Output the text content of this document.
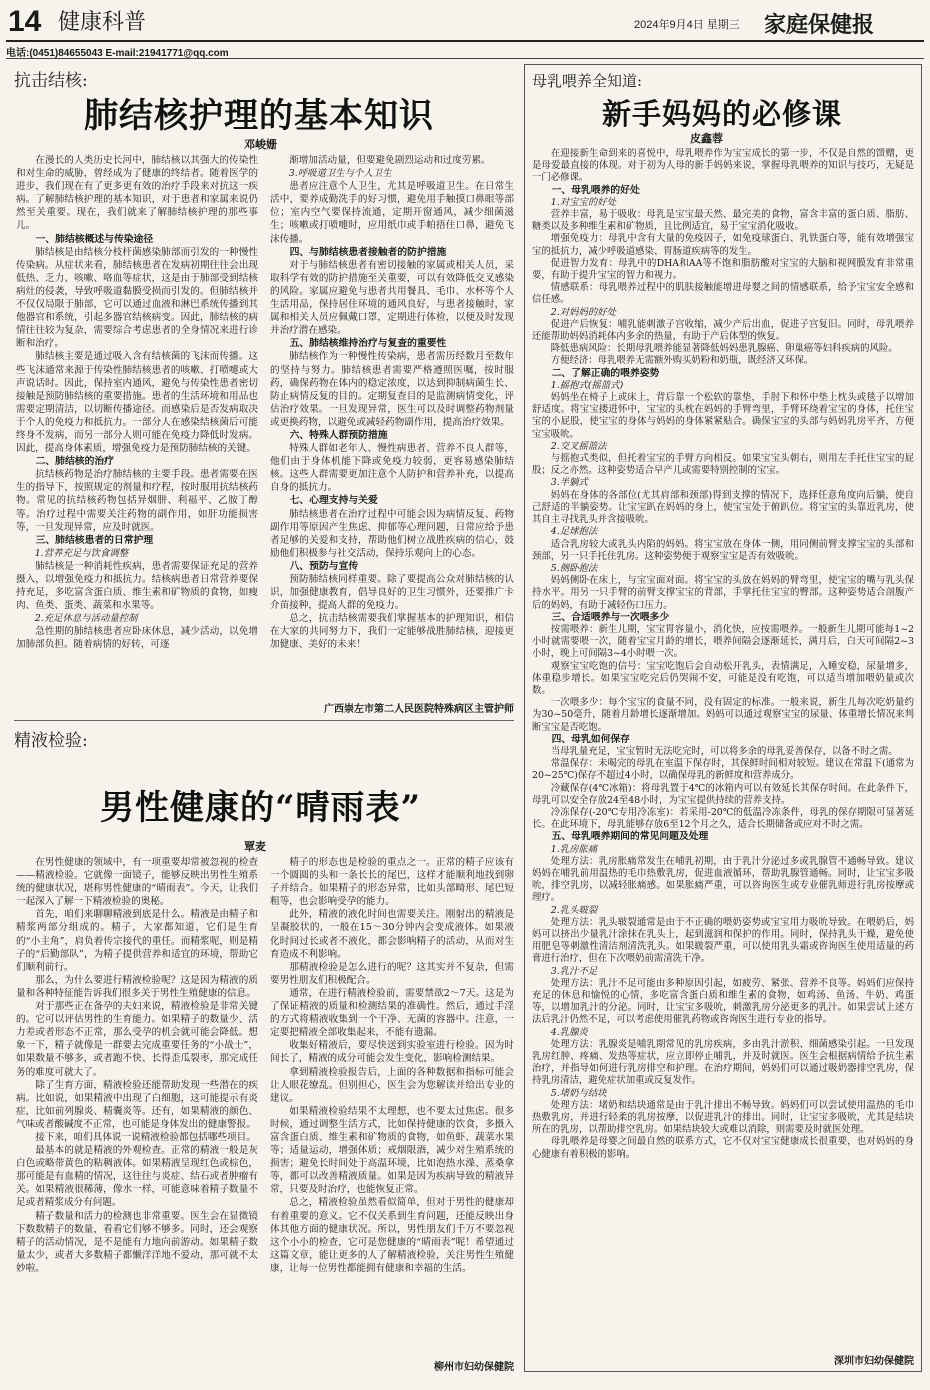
14 健康科普	2024年9月4日 星期三 家庭保健报
电话:(0451)84655043 E-mail:21941771@qq.com
抗击结核:
肺结核护理的基本知识
邓峻姗

在漫长的人类历史长河中，肺结核以其强大的传染性和对生命的威胁，曾经成为了健康的终结者。随着医学的进步，我们现在有了更多更有效的治疗手段来对抗这一疾病。了解肺结核护理的基本知识，对于患者和家属来说仍然至关重要。现在，我们就来了解肺结核护理的那些事儿。

一、肺结核概述与传染途径

肺结核是由结核分枝杆菌感染肺部而引发的一种慢性传染病。从症状来看，肺结核患者在发病初期往往会出现低热、乏力、咳嗽、咯血等症状，这是由于肺部受到结核病灶的侵袭，导致呼吸道黏膜受损而引发的。但肺结核并不仅仅局限于肺部，它可以通过血液和淋巴系统传播到其他器官和系统，引起多器官结核病变。因此，肺结核的病情往往较为复杂，需要综合考虑患者的全身情况来进行诊断和治疗。

肺结核主要是通过吸入含有结核菌的飞沫而传播。这些飞沫通常来源于传染性肺结核患者的咳嗽、打喷嚏或大声说话时。因此，保持室内通风，避免与传染性患者密切接触是预防肺结核的重要措施。患者的生活环境和用品也需要定期清洁，以切断传播途径。而感染后是否发病取决于个人的免疫力和抵抗力。一部分人在感染结核菌后可能终身不发病，而另一部分人则可能在免疫力降低时发病。因此，提高身体素质，增强免疫力是预防肺结核的关键。

二、肺结核的治疗

抗结核药物是治疗肺结核的主要手段。患者需要在医生的指导下，按照规定的剂量和疗程，按时服用抗结核药物。常见的抗结核药物包括异烟肼、利福平、乙胺丁醇等。治疗过程中需要关注药物的副作用，如肝功能损害等，一旦发现异常，应及时就医。

三、肺结核患者的日常护理
1.营养充足与饮食调整

肺结核是一种消耗性疾病，患者需要保证充足的营养摄入，以增强免疫力和抵抗力。结核病患者日常营养要保持充足，多吃富含蛋白质、维生素和矿物质的食物，如瘦肉、鱼类、蛋类、蔬菜和水果等。

2.充足休息与活动量控制

急性期的肺结核患者应卧床休息，减少活动，以免增加肺部负担。随着病情的好转，可逐

渐增加活动量，但要避免剧烈运动和过度劳累。

3.呼吸道卫生与个人卫生

患者应注意个人卫生，尤其是呼吸道卫生。在日常生活中，要养成勤洗手的好习惯，避免用手触摸口鼻眼等部位；室内空气要保持流通，定期开窗通风，减少细菌滋生；咳嗽或打喷嚏时，应用纸巾或手帕捂住口鼻，避免飞沫传播。

四、与肺结核患者接触者的防护措施

对于与肺结核患者有密切接触的家属或相关人员，采取科学有效的防护措施至关重要，可以有效降低交叉感染的风险。家属应避免与患者共用餐具、毛巾、水杯等个人生活用品，保持居住环境的通风良好，与患者接触时，家属和相关人员应佩戴口罩，定期进行体检，以便及时发现并治疗潜在感染。

五、肺结核维持治疗与复查的重要性

肺结核作为一种慢性传染病，患者需历经数月至数年的坚持与努力。肺结核患者需要严格遵照医嘱，按时服药，确保药物在体内的稳定浓度，以达到抑制病菌生长、防止病情反复的目的。定期复查目的是监测病情变化，评估治疗效果。一旦发现异常，医生可以及时调整药物剂量或更换药物，以避免或减轻药物副作用，提高治疗效果。

六、特殊人群预防措施

特殊人群如老年人、慢性病患者、营养不良人群等，他们由于身体机能下降或免疫力较弱，更容易感染肺结核。这些人群需要更加注意个人防护和营养补充，以提高自身的抵抗力。

七、心理支持与关爱

肺结核患者在治疗过程中可能会因为病情反复、药物副作用等原因产生焦虑、抑郁等心理问题，日常应给予患者足够的关爱和支持，帮助他们树立战胜疾病的信心，鼓励他们积极参与社交活动，保持乐观向上的心态。

八、预防与宣传

预防肺结核同样重要。除了要提高公众对肺结核的认识，加强健康教育，倡导良好的卫生习惯外，还要推广卡介苗接种，提高人群的免疫力。

总之，抗击结核需要我们掌握基本的护理知识，相信在大家的共同努力下，我们一定能够战胜肺结核，迎接更加健康、美好的未来！

广西崇左市第二人民医院特殊病区主管护师
精液检验:
男性健康的“晴雨表”
覃麦

在男性健康的领域中，有一项重要却常被忽视的检查——精液检验。它就像一面镜子，能够反映出男性生殖系统的健康状况，堪称男性健康的“晴雨表”。今天，让我们一起深入了解一下精液检验的奥秘。

首先，咱们来聊聊精液到底是什么。精液是由精子和精浆两部分组成的。精子，大家都知道，它们是生育的“小主角”，肩负着传宗接代的重任。而精浆呢，则是精子的“后勤部队”，为精子提供营养和适宜的环境，帮助它们顺利前行。

那么，为什么要进行精液检验呢？这是因为精液的质量和各种特征能告诉我们很多关于男性生殖健康的信息。

对于那些正在备孕的夫妇来说，精液检验是非常关键的。它可以评估男性的生育能力。如果精子的数量少、活力差或者形态不正常，那么受孕的机会就可能会降低。想象一下，精子就像是一群要去完成重要任务的“小战士”，如果数量不够多，或者跑不快、长得歪瓜裂枣，那完成任务的难度可就大了。

除了生育方面，精液检验还能帮助发现一些潜在的疾病。比如说，如果精液中出现了白细胞，这可能提示有炎症，比如前列腺炎、精囊炎等。还有，如果精液的颜色、气味或者酸碱度不正常，也可能是身体发出的健康警报。

接下来，咱们具体说一说精液检验都包括哪些项目。

最基本的就是精液的外观检查。正常的精液一般是灰白色或略带黄色的粘稠液体。如果精液呈现红色或棕色，那可能是有血精的情况，这往往与炎症、结石或者肿瘤有关。如果精液很稀薄，像水一样，可能意味着精子数量不足或者精浆成分有问题。

精子数量和活力的检测也非常重要。医生会在显微镜下数数精子的数量，看看它们够不够多。同时，还会观察精子的活动情况，是不是能有力地向前游动。如果精子数量太少，或者大多数精子都懒洋洋地不爱动，那可就不太妙啦。

精子的形态也是检验的重点之一。正常的精子应该有一个圆圆的头和一条长长的尾巴，这样才能顺利地找到卵子并结合。如果精子的形态异常，比如头部畸形、尾巴短粗等，也会影响受孕的能力。

此外，精液的液化时间也需要关注。刚射出的精液是呈凝胶状的，一般在15～30分钟内会变成液体。如果液化时间过长或者不液化，都会影响精子的活动，从而对生育造成不利影响。

那精液检验是怎么进行的呢？这其实并不复杂，但需要男性朋友们积极配合。

通常，在进行精液检验前，需要禁欲2～7天。这是为了保证精液的质量和检测结果的准确性。然后，通过手淫的方式将精液收集到一个干净、无菌的容器中。注意，一定要把精液全部收集起来，不能有遗漏。

收集好精液后，要尽快送到实验室进行检验。因为时间长了，精液的成分可能会发生变化，影响检测结果。

拿到精液检验报告后，上面的各种数据和指标可能会让人眼花缭乱。但别担心，医生会为您解读并给出专业的建议。

如果精液检验结果不太理想，也不要太过焦虑。很多时候，通过调整生活方式，比如保持健康的饮食，多摄入富含蛋白质、维生素和矿物质的食物，如鱼虾、蔬菜水果等；适量运动，增强体质；戒烟限酒，减少对生殖系统的损害；避免长时间处于高温环境，比如泡热水澡、蒸桑拿等，都可以改善精液质量。如果是因为疾病导致的精液异常，只要及时治疗，也能恢复正常。

总之，精液检验虽然看似简单，但对于男性的健康却有着重要的意义。它不仅关系到生育问题，还能反映出身体其他方面的健康状况。所以，男性朋友们千万不要忽视这个小小的检查，它可是您健康的“晴雨表”呢！希望通过这篇文章，能让更多的人了解精液检验，关注男性生殖健康，让每一位男性都能拥有健康和幸福的生活。

柳州市妇幼保健院
母乳喂养全知道:
新手妈妈的必修课
皮鑫蓉

在迎接新生命到来的喜悦中，母乳喂养作为宝宝成长的第一步，不仅是自然的馈赠，更是母爱最直接的体现。对于初为人母的新手妈妈来说，掌握母乳喂养的知识与技巧，无疑是一门必修课。

一、母乳喂养的好处
1.对宝宝的好处

营养丰富，易于吸收：母乳是宝宝最天然、最完美的食物，富含丰富的蛋白质、脂肪、糖类以及多种维生素和矿物质，且比例适宜，易于宝宝消化吸收。

增强免疫力：母乳中含有大量的免疫因子，如免疫球蛋白、乳铁蛋白等，能有效增强宝宝的抵抗力，减少呼吸道感染、胃肠道疾病等的发生。

促进智力发育：母乳中的DHA和AA等不饱和脂肪酸对宝宝的大脑和视网膜发育非常重要，有助于提升宝宝的智力和视力。

情感联系：母乳喂养过程中的肌肤接触能增进母婴之间的情感联系，给予宝宝安全感和信任感。

2.对妈妈的好处

促进产后恢复：哺乳能刺激子宫收缩，减少产后出血，促进子宫复旧。同时，母乳喂养还能帮助妈妈消耗体内多余的热量，有助于产后体型的恢复。

降低患病风险：长期母乳喂养能显著降低妈妈患乳腺癌、卵巢癌等妇科疾病的风险。

方便经济：母乳喂养无需额外购买奶粉和奶瓶，既经济又环保。

二、了解正确的喂养姿势
1.摇抱式(摇篮式)

妈妈坐在椅子上或床上，背后靠一个松软的靠垫，手肘下和怀中垫上枕头或毯子以增加舒适度。将宝宝搂进怀中，宝宝的头枕在妈妈的手臂弯里，手臂环绕着宝宝的身体，托住宝宝的小屁股，使宝宝的身体与妈妈的身体紧紧贴合。确保宝宝的头部与妈妈乳房平齐，方便宝宝吸吮。

2.交叉摇篮法

与摇抱式类似，但托着宝宝的手臂方向相反。如果宝宝头朝右，则用左手托住宝宝的屁股；反之亦然。这种姿势适合早产儿或需要特别控制的宝宝。

3.半躺式

妈妈在身体的各部位(尤其肩部和颈部)得到支撑的情况下，选择任意角度向后躺，使自己舒适的半躺姿势。让宝宝趴在妈妈的身上，使宝宝处于俯趴位。将宝宝的头靠近乳房，使其自主寻找乳头并含接吸吮。

4.足球抱法

适合乳房较大或乳头内陷的妈妈。将宝宝放在身体一侧，用同侧前臂支撑宝宝的头部和颈部，另一只手托住乳房。这种姿势便于观察宝宝是否有效吸吮。

5.侧卧抱法

妈妈侧卧在床上，与宝宝面对面。将宝宝的头放在妈妈的臂弯里，使宝宝的嘴与乳头保持水平。用另一只手臂的前臂支撑宝宝的背部，手掌托住宝宝的臀部。这种姿势适合剖腹产后的妈妈，有助于减轻伤口压力。

三、合适喂养与一次喂多少

按需喂养：新生儿期，宝宝胃容量小，消化快，应按需喂养。一般新生儿期可能每1~2小时就需要喂一次，随着宝宝月龄的增长，喂养间隔会逐渐延长，满月后，白天可间隔2~3小时，晚上可间隔3~4小时喂一次。

观察宝宝吃饱的信号：宝宝吃饱后会自动松开乳头，表情满足，入睡安稳，尿量增多，体重稳步增长。如果宝宝吃完后仍哭闹不安，可能是没有吃饱，可以适当增加喂奶量或次数。

一次喂多少：每个宝宝的食量不同，没有固定的标准。一般来说，新生儿每次吃奶量约为30~50毫升，随着月龄增长逐渐增加。妈妈可以通过观察宝宝的尿量、体重增长情况来判断宝宝是否吃饱。

四、母乳如何保存

当母乳量充足，宝宝暂时无法吃完时，可以将多余的母乳妥善保存，以备不时之需。

常温保存：未喝完的母乳在室温下保存时，其保鲜时间相对较短。建议在常温下(通常为20~25℃)保存不超过4小时，以确保母乳的新鲜度和营养成分。

冷藏保存(4℃冰箱)：将母乳置于4℃的冰箱内可以有效延长其保存时间。在此条件下，母乳可以安全存放24至48小时，为宝宝提供持续的营养支持。

冷冻保存(-20℃专用冷冻室)：若采用-20℃的低温冷冻条件，母乳的保存期限可显著延长。在此环境下，母乳能够存放6至12个月之久，适合长期储备或应对不时之需。

五、母乳喂养期间的常见问题及处理
1.乳房胀痛

处理方法：乳房胀痛常发生在哺乳初期，由于乳汁分泌过多或乳腺管不通畅导致。建议妈妈在哺乳前用温热的毛巾热敷乳房，促进血液循环，帮助乳腺管通畅。同时，让宝宝多吸吮，排空乳房，以减轻胀痛感。如果胀痛严重，可以咨询医生或专业催乳师进行乳房按摩或理疗。

2.乳头皲裂

处理方法：乳头皲裂通常是由于不正确的喂奶姿势或宝宝用力吸吮导致。在喂奶后，妈妈可以挤出少量乳汁涂抹在乳头上，起到滋润和保护的作用。同时，保持乳头干燥，避免使用肥皂等刺激性清洁剂清洗乳头。如果皲裂严重，可以使用乳头霜或咨询医生使用适量的药膏进行治疗，但在下次喂奶前需清洗干净。

3.乳汁不足

处理方法：乳汁不足可能由多种原因引起，如疲劳、紧张、营养不良等。妈妈们应保持充足的休息和愉悦的心情，多吃富含蛋白质和维生素的食物，如鸡汤、鱼汤、牛奶、鸡蛋等，以增加乳汁的分泌。同时，让宝宝多吸吮，刺激乳房分泌更多的乳汁。如果尝试上述方法后乳汁仍然不足，可以考虑使用催乳药物或咨询医生进行专业的指导。

4.乳腺炎

处理方法：乳腺炎是哺乳期常见的乳房疾病，多由乳汁淤积、细菌感染引起。一旦发现乳房红肿、疼痛、发热等症状，应立即停止哺乳，并及时就医。医生会根据病情给予抗生素治疗，并指导如何进行乳房排空和护理。在治疗期间，妈妈们可以通过吸奶器排空乳房，保持乳房清洁，避免症状加重或反复发作。

5.堵奶与结块

处理方法：堵奶和结块通常是由于乳汁排出不畅导致。妈妈们可以尝试使用温热的毛巾热敷乳房，并进行轻柔的乳房按摩，以促进乳汁的排出。同时，让宝宝多吸吮，尤其是结块所在的乳房，以帮助排空乳房。如果结块较大或难以消除，则需要及时就医处理。

母乳喂养是母婴之间最自然的联系方式，它不仅对宝宝健康成长很重要，也对妈妈的身心健康有着积极的影响。

深圳市妇幼保健院
